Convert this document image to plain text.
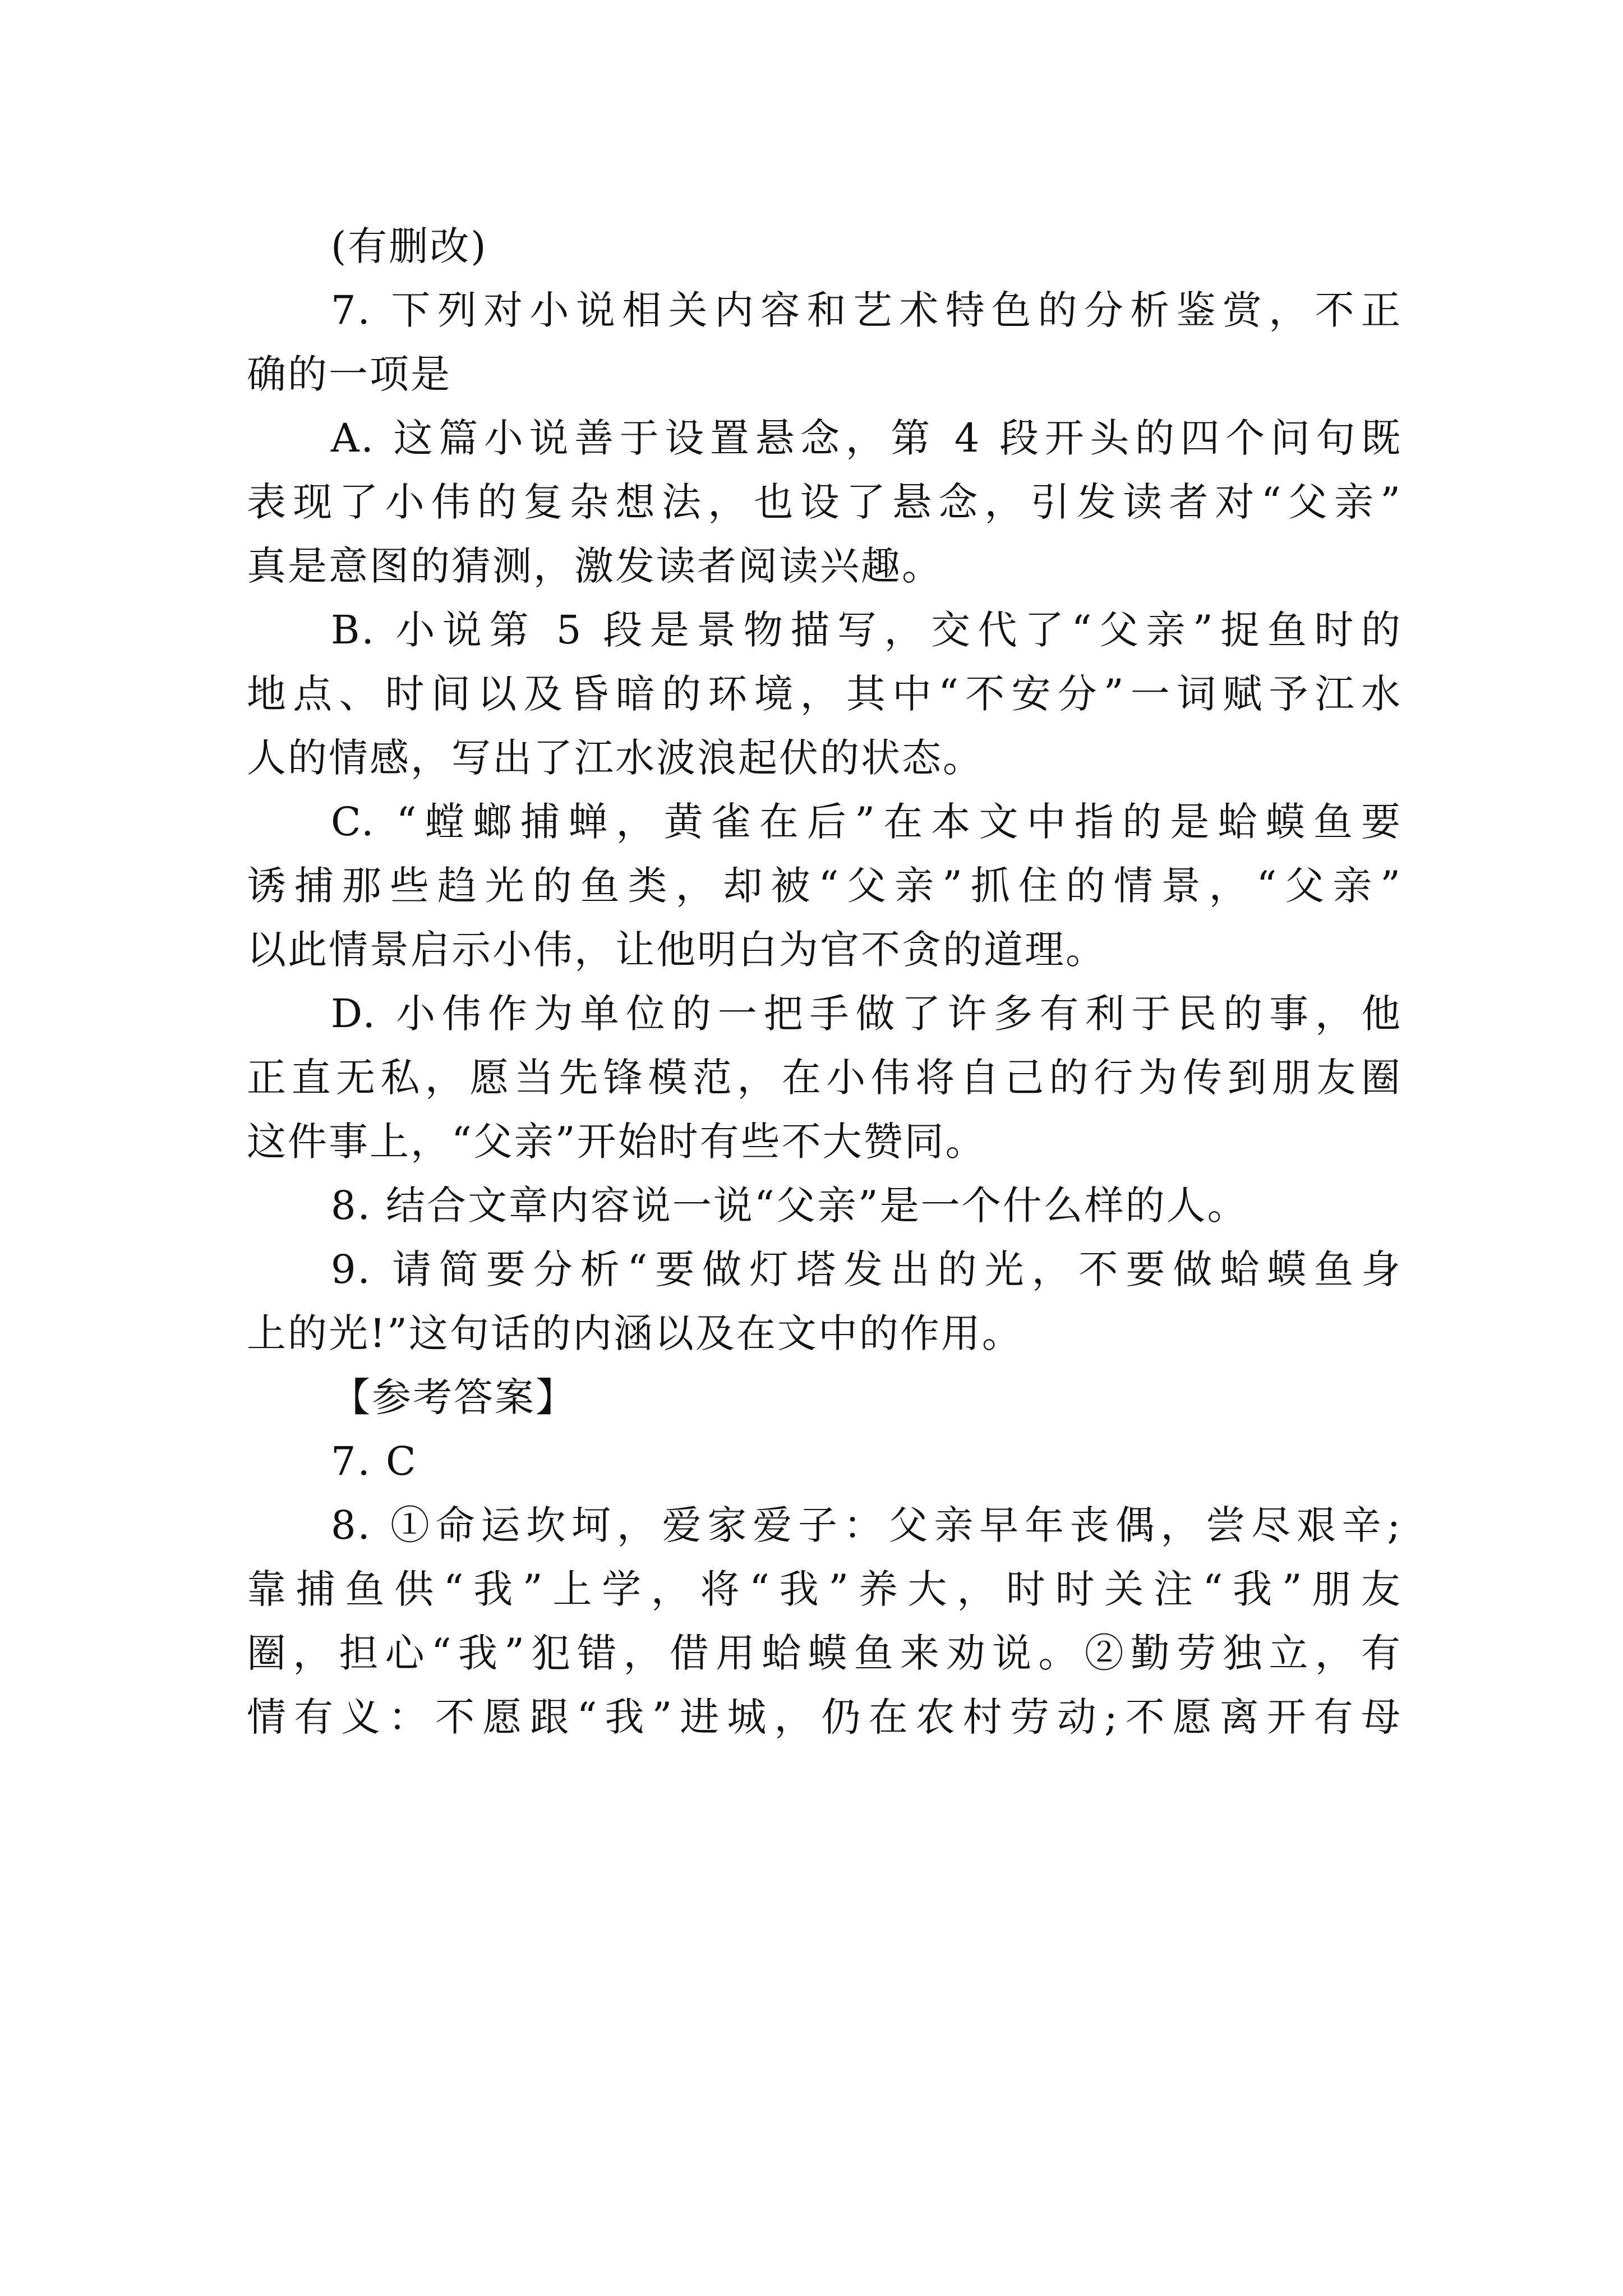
(有删改)
7. 下列对小说相关内容和艺术特色的分析鉴赏，不正
确的一项是
A. 这篇小说善于设置悬念，第 4 段开头的四个问句既
表现了小伟的复杂想法，也设了悬念，引发读者对“父亲”
真是意图的猜测，激发读者阅读兴趣。
B. 小说第 5 段是景物描写，交代了“父亲”捉鱼时的
地点、时间以及昏暗的环境，其中“不安分”一词赋予江水
人的情感，写出了江水波浪起伏的状态。
C. “螳螂捕蝉，黄雀在后”在本文中指的是蛤蟆鱼要
诱捕那些趋光的鱼类，却被“父亲”抓住的情景，“父亲”
以此情景启示小伟，让他明白为官不贪的道理。
D. 小伟作为单位的一把手做了许多有利于民的事，他
正直无私，愿当先锋模范，在小伟将自己的行为传到朋友圈
这件事上，“父亲”开始时有些不大赞同。
8. 结合文章内容说一说“父亲”是一个什么样的人。
9. 请简要分析“要做灯塔发出的光，不要做蛤蟆鱼身
上的光!”这句话的内涵以及在文中的作用。
【参考答案】
7. C
8. ①命运坎坷，爱家爱子：父亲早年丧偶，尝尽艰辛;
靠捕鱼供“我”上学，将“我”养大，时时关注“我”朋友
圈，担心“我”犯错，借用蛤蟆鱼来劝说。②勤劳独立，有
情有义：不愿跟“我”进城，仍在农村劳动;不愿离开有母
